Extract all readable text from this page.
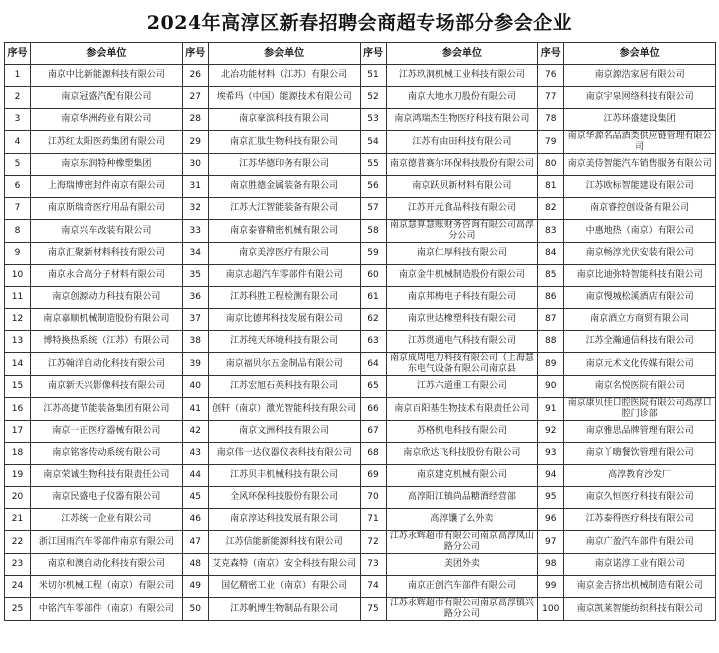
2024年高淳区新春招聘会商超专场部分参会企业
序号	参会单位	序号	参会单位	序号	参会单位	序号	参会单位
1	南京中比新能源科技有限公司	26	北冶功能材料（江苏）有限公司	51	江苏玖洞机械工业科技有限公司	76	南京源浩家居有限公司
2	南京冠盛汽配有限公司	27	埃希玛（中国）能源技术有限公司	52	南京大地水刀股份有限公司	77	南京宇泉网络科技有限公司
3	南京华洲药业有限公司	28	南京豪滨科技有限公司	53	南京鸿瑞杰生物医疗科技有限公司	78	江苏环盛建设集团
4	江苏红太阳医药集团有限公司	29	南京汇肽生物科技有限公司	54	江苏有由田科技有限公司	79	南京华源名品酒类供应链管理有限公司
5	南京东润特种橡塑集团	30	江苏华德印务有限公司	55	南京德普赛尔环保科技股份有限公司	80	南京美侍智能汽车销售服务有限公司
6	上海瑞博密封件南京有限公司	31	南京胜德金属装备有限公司	56	南京跃贝新材料有限公司	81	江苏欧标智能建设有限公司
7	南京斯瑞奇医疗用品有限公司	32	江苏大江智能装备有限公司	57	江苏开元食品科技有限公司	82	南京睿控创设备有限公司
8	南京兴车改装有限公司	33	南京泰睿精密机械有限公司	58	南京慧算慧账财务咨询有限公司高淳分公司	83	中惠地热（南京）有限公司
9	南京汇聚新材料科技有限公司	34	南京美淳医疗有限公司	59	南京仁厚科技有限公司	84	南京畅淳光伏安装有限公司
10	南京永合高分子材料有限公司	35	南京志超汽车零部件有限公司	60	南京金牛机械制造股份有限公司	85	南京比迪弥特智能科技有限公司
11	南京创源动力科技有限公司	36	江苏科胜工程检测有限公司	61	南京邦梅电子科技有限公司	86	南京慢城松溪酒店有限公司
12	南京嘉顺机械制造股份有限公司	37	南京比德邦科技发展有限公司	62	南京世达橡塑科技有限公司	87	南京酒立方商贸有限公司
13	博特换热系统（江苏）有限公司	38	江苏纯天环境科技有限公司	63	江苏贯通电气科技有限公司	88	江苏全瀚通信科技有限公司
14	江苏翰洋自动化科技有限公司	39	南京福贝尔五金制品有限公司	64	南京成周电力科技有限公司（上海慧东电气设备有限公司南京县	89	南京元术文化传媒有限公司
15	南京新天兴影像科技有限公司	40	江苏宏旭石英科技有限公司	65	江苏六道重工有限公司	90	南京名悦医院有限公司
16	江苏高捷节能装备集团有限公司	41	创轩（南京）激光智能科技有限公司	66	南京百阳基生物技术有限责任公司	91	南京康贝佳口腔医院有限公司高淳口腔门诊部
17	南京一正医疗器械有限公司	42	南京文洲科技有限公司	67	苏格机电科技有限公司	92	南京雅思品牌管理有限公司
18	南京铭客传动系统有限公司	43	南京伟一达仪器仪表科技有限公司	68	南京欣达飞科技股份有限公司	93	南京丫嗨餐饮管理有限公司
19	南京荣诚生物科技有限责任公司	44	江苏贝丰机械科技有限公司	69	南京建克机械有限公司	94	高淳教育沙发厂
20	南京民盛电子仪器有限公司	45	全风环保科技股份有限公司	70	高淳阳江镇尚品糖酒经营部	95	南京久恒医疗科技有限公司
21	江苏统一企业有限公司	46	南京淳达科技发展有限公司	71	高淳馕了么外卖	96	江苏泰得医疗科技有限公司
22	浙江国雨汽车零部件南京有限公司	47	江苏信能新能源科技有限公司	72	江苏永辉超市有限公司南京高淳凤山路分公司	97	南京广盈汽车部件有限公司
23	南京和澳自动化科技有限公司	48	艾克森特（南京）安全科技有限公司	73	美团外卖	98	南京诺淳工业有限公司
24	米切尔机械工程（南京）有限公司	49	国亿精密工业（南京）有限公司	74	南京正创汽车部件有限公司	99	南京金吉挤出机械制造有限公司
25	中铭汽车零部件（南京）有限公司	50	江苏帆博生物制品有限公司	75	江苏永辉超市有限公司南京高淳镇兴路分公司	100	南京凯莱智能纺织科技有限公司
